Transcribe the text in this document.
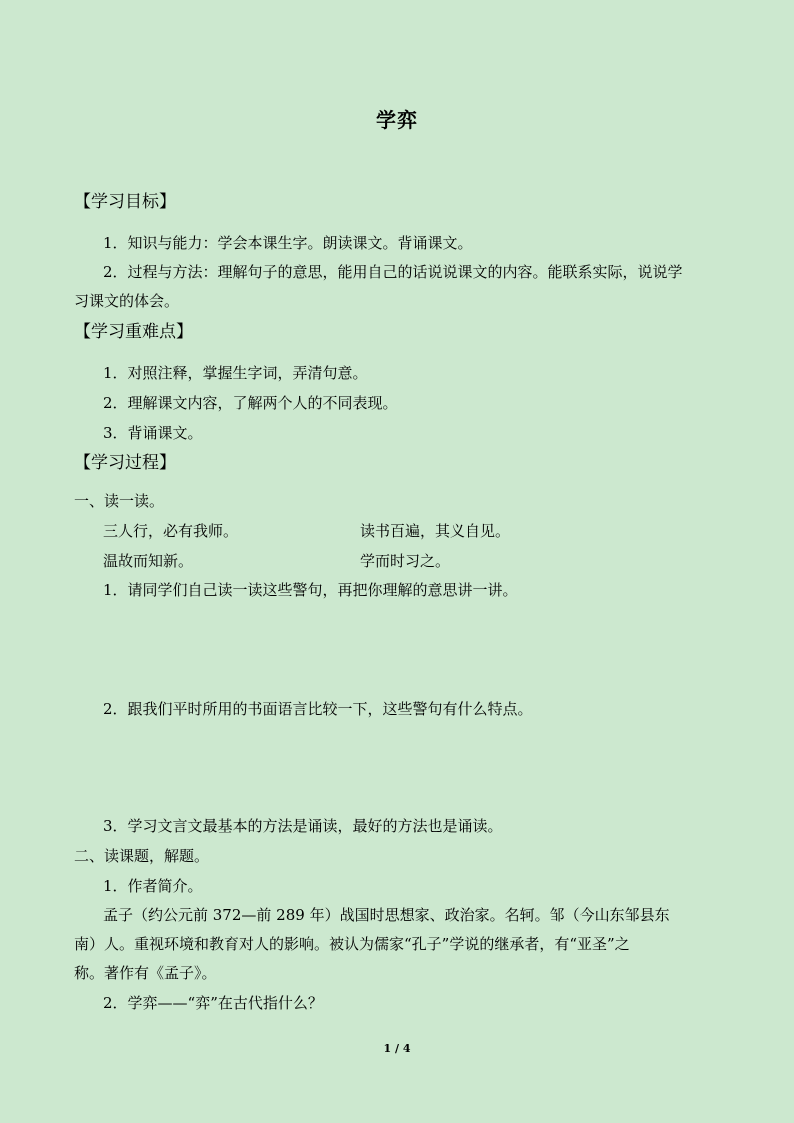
学弈
【学习目标】
1．知识与能力：学会本课生字。朗读课文。背诵课文。
2．过程与方法：理解句子的意思，能用自己的话说说课文的内容。能联系实际，说说学
习课文的体会。
【学习重难点】
1．对照注释，掌握生字词，弄清句意。
2．理解课文内容，了解两个人的不同表现。
3．背诵课文。
【学习过程】
一、读一读。
三人行，必有我师。	读书百遍，其义自见。
温故而知新。	学而时习之。
1．请同学们自己读一读这些警句，再把你理解的意思讲一讲。
2．跟我们平时所用的书面语言比较一下，这些警句有什么特点。
3．学习文言文最基本的方法是诵读，最好的方法也是诵读。
二、读课题，解题。
1．作者简介。
孟子（约公元前 372—前 289 年）战国时思想家、政治家。名轲。邹（今山东邹县东
南）人。重视环境和教育对人的影响。被认为儒家“孔子”学说的继承者，有“亚圣”之
称。著作有《孟子》。
2．学弈——“弈”在古代指什么？
1 / 4
